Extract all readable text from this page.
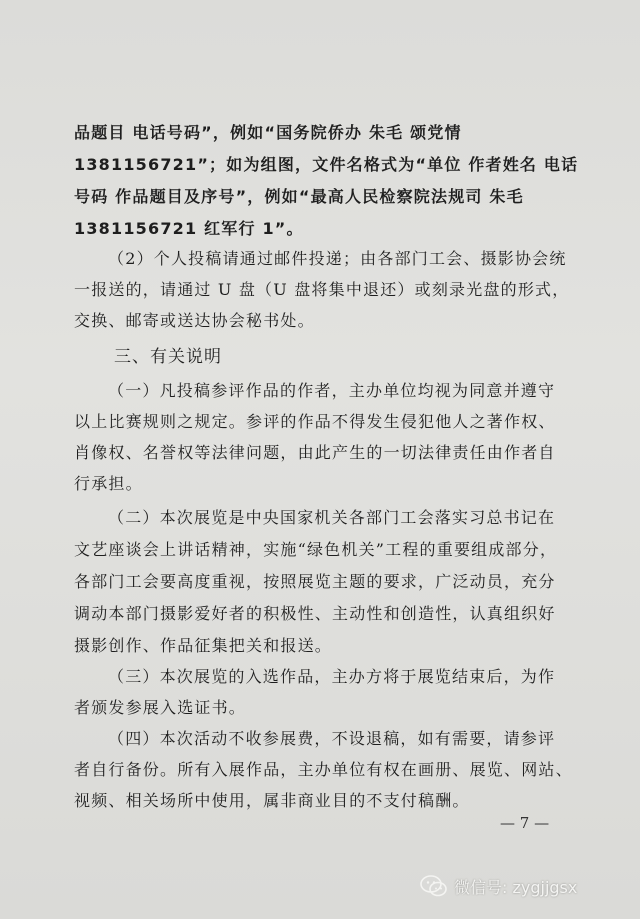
品题目 电话号码”，例如“国务院侨办 朱毛 颂党情
1381156721”；如为组图，文件名格式为“单位 作者姓名 电话
号码 作品题目及序号”，例如“最高人民检察院法规司 朱毛
1381156721 红军行 1”。
（2）个人投稿请通过邮件投递；由各部门工会、摄影协会统
一报送的，请通过 U 盘（U 盘将集中退还）或刻录光盘的形式，
交换、邮寄或送达协会秘书处。
三、有关说明
（一）凡投稿参评作品的作者，主办单位均视为同意并遵守
以上比赛规则之规定。参评的作品不得发生侵犯他人之著作权、
肖像权、名誉权等法律问题，由此产生的一切法律责任由作者自
行承担。
（二）本次展览是中央国家机关各部门工会落实习总书记在
文艺座谈会上讲话精神，实施“绿色机关”工程的重要组成部分，
各部门工会要高度重视，按照展览主题的要求，广泛动员，充分
调动本部门摄影爱好者的积极性、主动性和创造性，认真组织好
摄影创作、作品征集把关和报送。
（三）本次展览的入选作品，主办方将于展览结束后，为作
者颁发参展入选证书。
（四）本次活动不收参展费，不设退稿，如有需要，请参评
者自行备份。所有入展作品，主办单位有权在画册、展览、网站、
视频、相关场所中使用，属非商业目的不支付稿酬。
— 7 —
微信号: zygjjgsx
